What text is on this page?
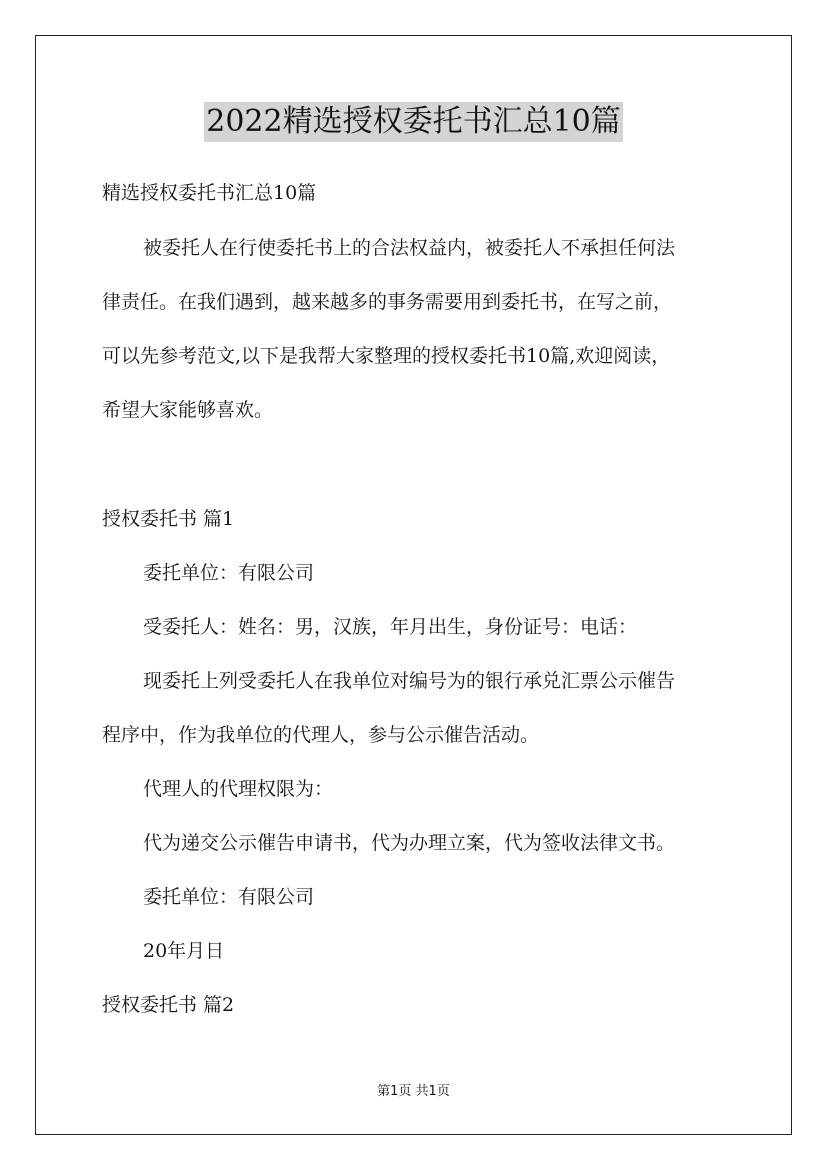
2022精选授权委托书汇总10篇
精选授权委托书汇总10篇
被委托人在行使委托书上的合法权益内，被委托人不承担任何法
律责任。在我们遇到，越来越多的事务需要用到委托书，在写之前，
可以先参考范文,以下是我帮大家整理的授权委托书10篇,欢迎阅读，
希望大家能够喜欢。
授权委托书 篇1
委托单位：有限公司
受委托人：姓名：男，汉族，年月出生，身份证号：电话：
现委托上列受委托人在我单位对编号为的银行承兑汇票公示催告
程序中，作为我单位的代理人，参与公示催告活动。
代理人的代理权限为：
代为递交公示催告申请书，代为办理立案，代为签收法律文书。
委托单位：有限公司
20年月日
授权委托书 篇2
第1页 共1页
